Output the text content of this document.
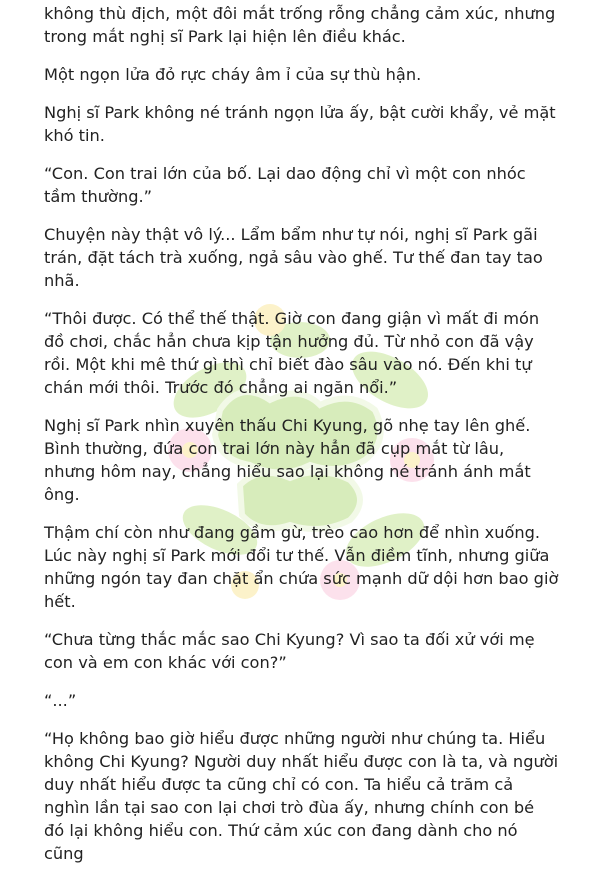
không thù địch, một đôi mắt trống rỗng chẳng cảm xúc, nhưng trong mắt nghị sĩ Park lại hiện lên điều khác.

Một ngọn lửa đỏ rực cháy âm ỉ của sự thù hận.

Nghị sĩ Park không né tránh ngọn lửa ấy, bật cười khẩy, vẻ mặt khó tin.

“Con. Con trai lớn của bố. Lại dao động chỉ vì một con nhóc tầm thường.”

Chuyện này thật vô lý... Lẩm bẩm như tự nói, nghị sĩ Park gãi trán, đặt tách trà xuống, ngả sâu vào ghế. Tư thế đan tay tao nhã.

“Thôi được. Có thể thế thật. Giờ con đang giận vì mất đi món đồ chơi, chắc hẳn chưa kịp tận hưởng đủ. Từ nhỏ con đã vậy rồi. Một khi mê thứ gì thì chỉ biết đào sâu vào nó. Đến khi tự chán mới thôi. Trước đó chẳng ai ngăn nổi.”

Nghị sĩ Park nhìn xuyên thấu Chi Kyung, gõ nhẹ tay lên ghế. Bình thường, đứa con trai lớn này hẳn đã cụp mắt từ lâu, nhưng hôm nay, chẳng hiểu sao lại không né tránh ánh mắt ông.

Thậm chí còn như đang gầm gừ, trèo cao hơn để nhìn xuống. Lúc này nghị sĩ Park mới đổi tư thế. Vẫn điềm tĩnh, nhưng giữa những ngón tay đan chặt ẩn chứa sức mạnh dữ dội hơn bao giờ hết.

“Chưa từng thắc mắc sao Chi Kyung? Vì sao ta đối xử với mẹ con và em con khác với con?”

“...”

“Họ không bao giờ hiểu được những người như chúng ta. Hiểu không Chi Kyung? Người duy nhất hiểu được con là ta, và người duy nhất hiểu được ta cũng chỉ có con. Ta hiểu cả trăm cả nghìn lần tại sao con lại chơi trò đùa ấy, nhưng chính con bé đó lại không hiểu con. Thứ cảm xúc con đang dành cho nó cũng
